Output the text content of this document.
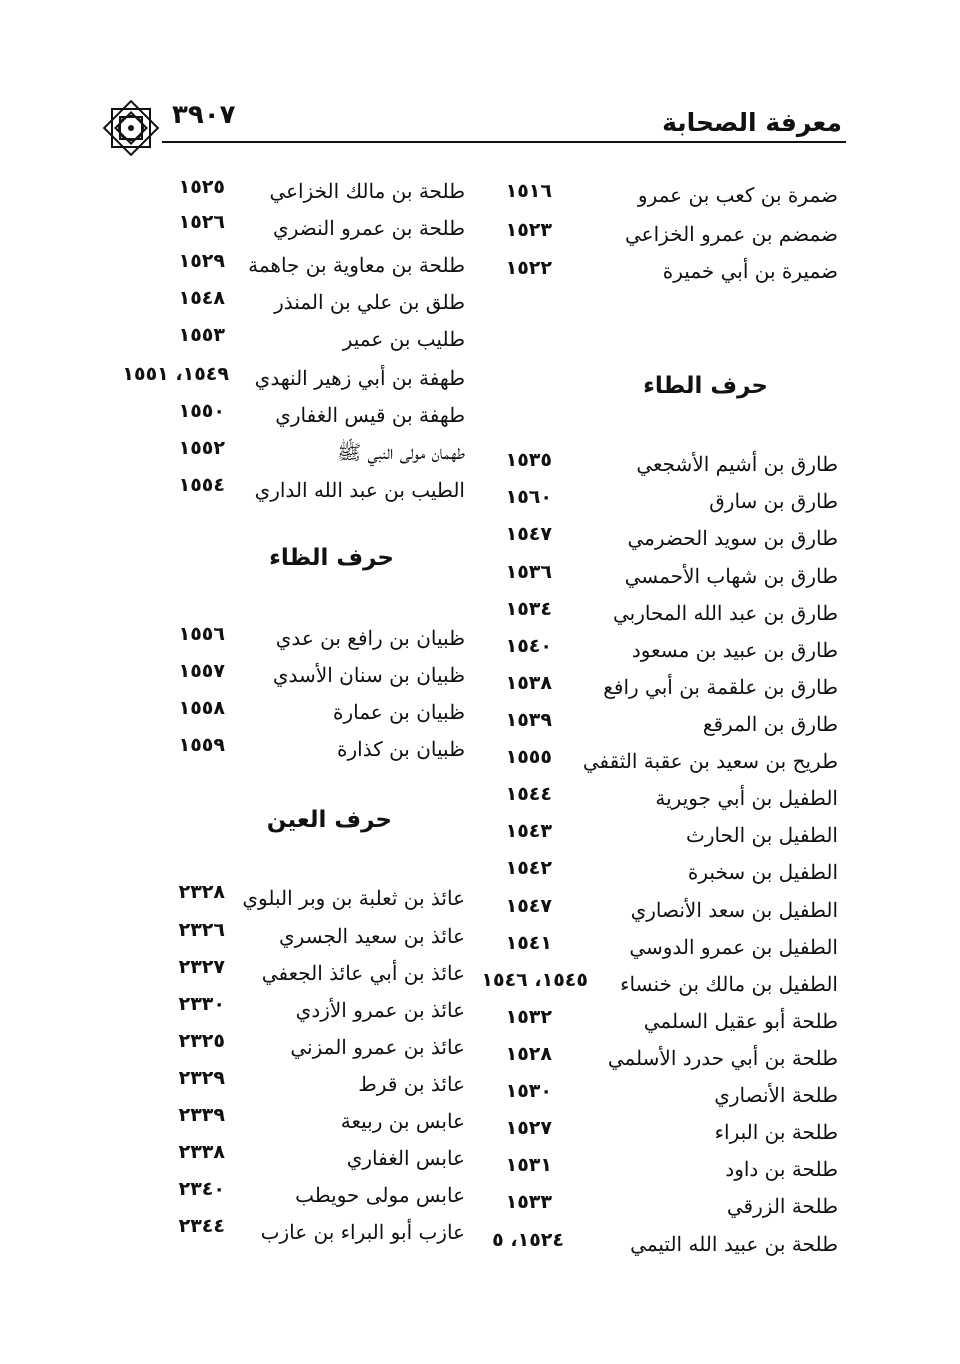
معرفة الصحابة
٣٩٠٧
ضمرة بن كعب بن عمرو
١٥١٦
ضمضم بن عمرو الخزاعي
١٥٢٣
ضميرة بن أبي خميرة
١٥٢٢
حرف الطاء
طارق بن أشيم الأشجعي
١٥٣٥
طارق بن سارق
١٥٦٠
طارق بن سويد الحضرمي
١٥٤٧
طارق بن شهاب الأحمسي
١٥٣٦
طارق بن عبد الله المحاربي
١٥٣٤
طارق بن عبيد بن مسعود
١٥٤٠
طارق بن علقمة بن أبي رافع
١٥٣٨
طارق بن المرقع
١٥٣٩
طريح بن سعيد بن عقبة الثقفي
١٥٥٥
الطفيل بن أبي جويرية
١٥٤٤
الطفيل بن الحارث
١٥٤٣
الطفيل بن سخبرة
١٥٤٢
الطفيل بن سعد الأنصاري
١٥٤٧
الطفيل بن عمرو الدوسي
١٥٤١
الطفيل بن مالك بن خنساء
١٥٤٥، ١٥٤٦
طلحة أبو عقيل السلمي
١٥٣٢
طلحة بن أبي حدرد الأسلمي
١٥٢٨
طلحة الأنصاري
١٥٣٠
طلحة بن البراء
١٥٢٧
طلحة بن داود
١٥٣١
طلحة الزرقي
١٥٣٣
طلحة بن عبيد الله التيمي
١٥٢٤، ٥
طلحة بن مالك الخزاعي
١٥٢٥
طلحة بن عمرو النضري
١٥٢٦
طلحة بن معاوية بن جاهمة
١٥٢٩
طلق بن علي بن المنذر
١٥٤٨
طليب بن عمير
١٥٥٣
طهفة بن أبي زهير النهدي
١٥٤٩، ١٥٥١
طهفة بن قيس الغفاري
١٥٥٠
طهمان مولى النبي ﷺ
١٥٥٢
الطيب بن عبد الله الداري
١٥٥٤
حرف الظاء
ظبيان بن رافع بن عدي
١٥٥٦
ظبيان بن سنان الأسدي
١٥٥٧
ظبيان بن عمارة
١٥٥٨
ظبيان بن كذارة
١٥٥٩
حرف العين
عائذ بن ثعلبة بن وبر البلوي
٢٣٢٨
عائذ بن سعيد الجسري
٢٣٢٦
عائذ بن أبي عائذ الجعفي
٢٣٢٧
عائذ بن عمرو الأزدي
٢٣٣٠
عائذ بن عمرو المزني
٢٣٢٥
عائذ بن قرط
٢٣٢٩
عابس بن ربيعة
٢٣٣٩
عابس الغفاري
٢٣٣٨
عابس مولى حويطب
٢٣٤٠
عازب أبو البراء بن عازب
٢٣٤٤
